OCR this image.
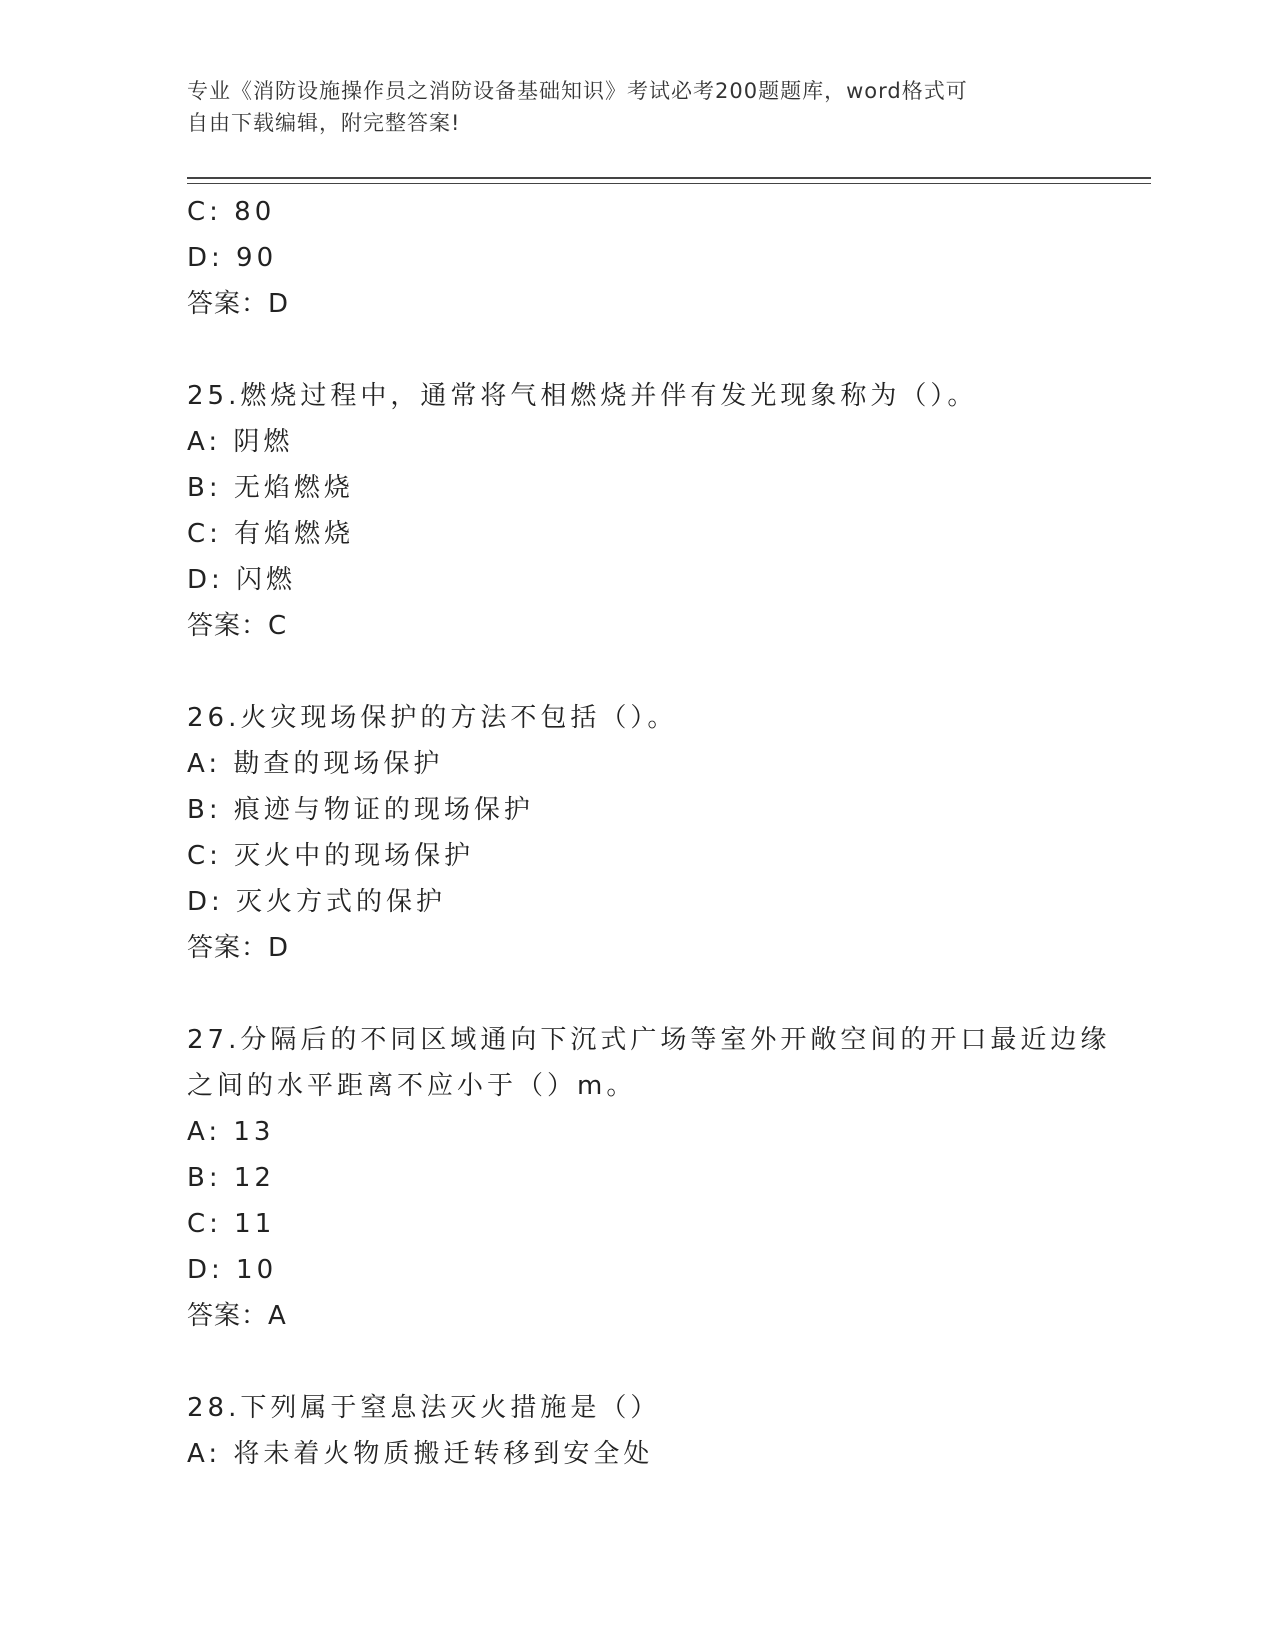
专业《消防设施操作员之消防设备基础知识》考试必考200题题库，word格式可
自由下载编辑，附完整答案!
C: 80
D: 90
答案：D
25.燃烧过程中，通常将气相燃烧并伴有发光现象称为（）。
A: 阴燃
B: 无焰燃烧
C: 有焰燃烧
D: 闪燃
答案：C
26.火灾现场保护的方法不包括（）。
A: 勘查的现场保护
B: 痕迹与物证的现场保护
C: 灭火中的现场保护
D: 灭火方式的保护
答案：D
27.分隔后的不同区域通向下沉式广场等室外开敞空间的开口最近边缘
之间的水平距离不应小于（）m。
A: 13
B: 12
C: 11
D: 10
答案：A
28.下列属于窒息法灭火措施是（）
A: 将未着火物质搬迁转移到安全处
